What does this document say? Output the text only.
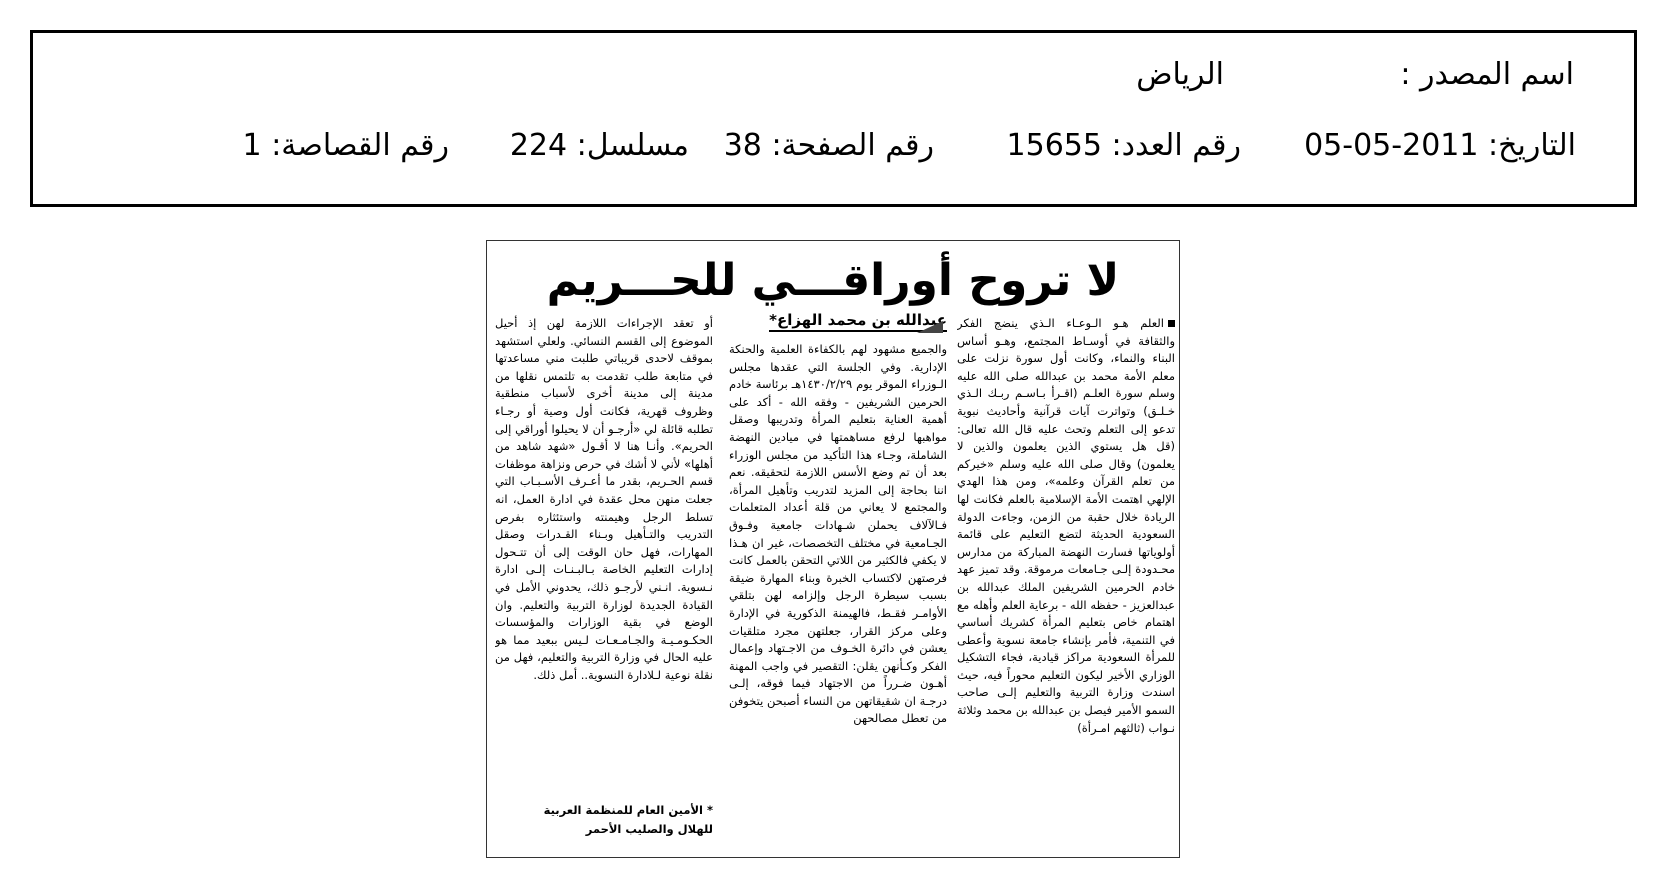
اسم المصدر :
الرياض
التاريخ: 2011-05-05
رقم العدد: 15655
رقم الصفحة: 38
مسلسل: 224
رقم القصاصة: 1
لا تروح أوراقـــي للحـــريم
العلم هـو الـوعـاء الـذي ينضج الفكر والثقافة في أوسـاط المجتمع، وهـو أساس البناء والنماء، وكانت أول سورة نزلت على معلم الأمة محمد بن عبدالله صلى الله عليه وسلم سورة العلـم (اقـرأ بـاسـم ربـك الـذي خـلـق) وتواترت آيات قرآنية وأحاديث نبوية تدعو إلى التعلم وتحث عليه قال الله تعالى: (قل هل يستوي الذين يعلمون والذين لا يعلمون) وقال صلى الله عليه وسلم «خيركم من تعلم القرآن وعلمه»، ومن هذا الهدي الإلهي اهتمت الأمة الإسلامية بالعلم فكانت لها الريادة خلال حقبة من الزمن، وجاءت الدولة السعودية الحديثة لتضع التعليم على قائمة أولوياتها فسارت النهضة المباركة من مدارس محـدودة إلـى جـامعات مرموقة. وقد تميز عهد خادم الحرمين الشريفين الملك عبدالله بن عبدالعزيز - حفظه الله - برعاية العلم وأهله مع اهتمام خاص بتعليم المرأة كشريك أساسي في التنمية، فأمر بإنشاء جامعة نسوية وأعطى للمرأة السعودية مراكز قيادية، فجاء التشكيل الوزاري الأخير ليكون التعليم محوراً فيه، حيث اسندت وزارة التربية والتعليم إلـى صاحب السمو الأمير فيصل بن عبدالله بن محمد وثلاثة نـواب (ثالثهم امـرأة)
عبدالله بن محمد الهزاع*
والجميع مشهود لهم بالكفاءة العلمية والحنكة الإدارية. وفي الجلسة التي عقدها مجلس الـوزراء الموقر يوم ١٤٣٠/٢/٢٩هـ برئاسة خادم الحرمين الشريفين - وفقه الله - أكد على أهمية العناية بتعليم المرأة وتدريبها وصقل مواهبها لرفع مساهمتها في ميادين النهضة الشاملة، وجـاء هذا التأكيد من مجلس الوزراء بعد أن تم وضع الأسس اللازمة لتحقيقه. نعم اننا بحاجة إلى المزيد لتدريب وتأهيل المرأة، والمجتمع لا يعاني من قلة أعداد المتعلمات فـالآلاف يحملن شـهادات جامعية وفـوق الجـامعية في مختلف التخصصات، غير ان هـذا لا يكفي فالكثير من اللاتي التحقن بالعمل كانت فرصتهن لاكتساب الخبرة وبناء المهارة ضيقة بسبب سيطرة الرجل وإلزامه لهن بتلقي الأوامـر فقـط، فالهيمنة الذكورية في الإدارة وعلى مركز القرار، جعلتهن مجرد متلقيات يعشن في دائرة الخـوف من الاجـتهاد وإعمال الفكر وكـأنهن يقلن: التقصير في واجب المهنة أهـون ضـرراً من الاجتهاد فيما فوقه، إلـى درجـة ان شقيقاتهن من النساء أصبحن يتخوفن من تعطل مصالحهن
أو تعقد الإجراءات اللازمة لهن إذ أحيل الموضوع إلى القسم النسائي. ولعلي استشهد بموقف لاحدى قريباتي طلبت مني مساعدتها في متابعة طلب تقدمت به تلتمس نقلها من مدينة إلى مدينة أخرى لأسباب منطقية وظروف قهرية، فكانت أول وصية أو رجـاء تطلبه قائلة لي «أرجـو أن لا يحيلوا أوراقي إلى الحريم». وأنـا هنا لا أقـول «شهد شاهد من أهلها» لأني لا أشك في حرص ونزاهة موظفات قسم الحـريم، بقدر ما أعـرف الأسـبـاب التي جعلت منهن محل عقدة في ادارة العمل، انه تسلط الرجل وهيمنته واستئثاره بفرص التدريب والتـأهيل وبـناء القـدرات وصقل المهارات، فهل حان الوقت إلى أن تتـحول إدارات التعليم الخاصة بـالبـنـات إلـى ادارة نـسوية. انـني لأرجـو ذلك، يحدوني الأمل في القيادة الجديدة لوزارة التربية والتعليم. وان الوضع في بقية الوزارات والمؤسسات الحكـومـيـة والجـامـعـات لـيس ببعيد مما هو عليه الحال في وزارة التربية والتعليم، فهل من نقلة نوعية لـلادارة النسوية.. أمل ذلك.
* الأمين العام للمنظمة العربية
للهلال والصليب الأحمر
